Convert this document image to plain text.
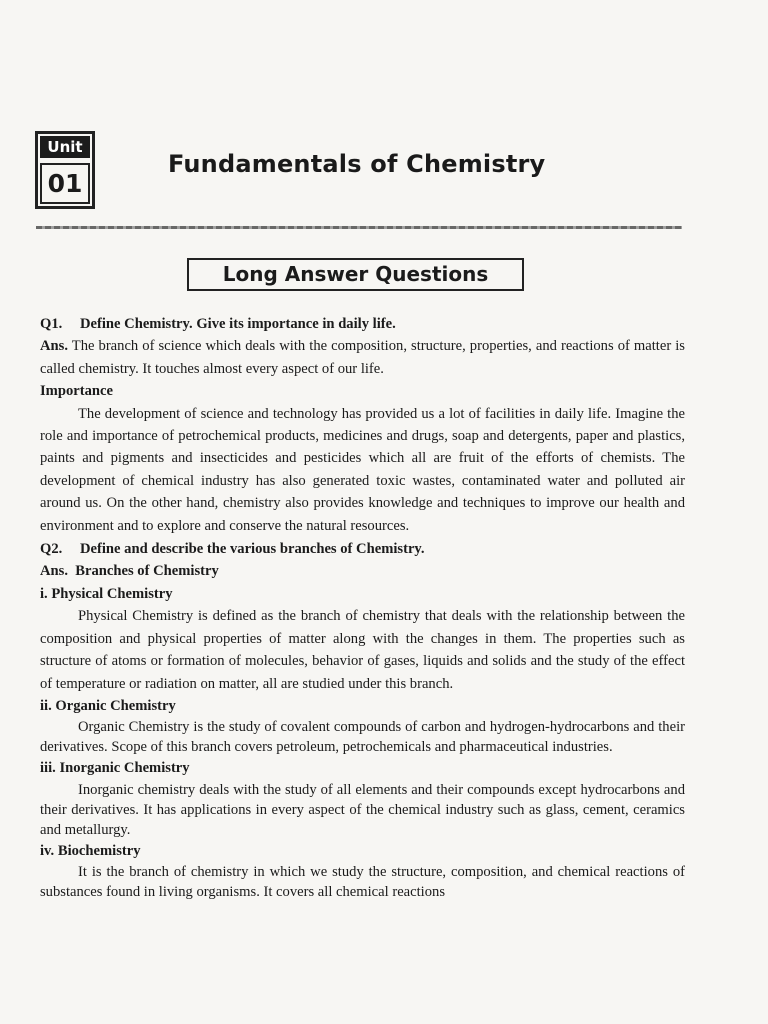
Unit
01
Fundamentals of Chemistry
Long Answer Questions

Q1. Define Chemistry. Give its importance in daily life.

Ans. The branch of science which deals with the composition, structure, properties, and reactions of matter is called chemistry. It touches almost every aspect of our life.

Importance

The development of science and technology has provided us a lot of facilities in daily life. Imagine the role and importance of petrochemical products, medicines and drugs, soap and detergents, paper and plastics, paints and pigments and insecticides and pesticides which all are fruit of the efforts of chemists. The development of chemical industry has also generated toxic wastes, contaminated water and polluted air around us. On the other hand, chemistry also provides knowledge and techniques to improve our health and environment and to explore and conserve the natural resources.

Q2. Define and describe the various branches of Chemistry.

Ans. Branches of Chemistry

i. Physical Chemistry

Physical Chemistry is defined as the branch of chemistry that deals with the relationship between the composition and physical properties of matter along with the changes in them. The properties such as structure of atoms or formation of molecules, behavior of gases, liquids and solids and the study of the effect of temperature or radiation on matter, all are studied under this branch.

ii. Organic Chemistry

Organic Chemistry is the study of covalent compounds of carbon and hydrogen-hydrocarbons and their derivatives. Scope of this branch covers petroleum, petrochemicals and pharmaceutical industries.

iii. Inorganic Chemistry

Inorganic chemistry deals with the study of all elements and their compounds except hydrocarbons and their derivatives. It has applications in every aspect of the chemical industry such as glass, cement, ceramics and metallurgy.

iv. Biochemistry

It is the branch of chemistry in which we study the structure, composition, and chemical reactions of substances found in living organisms. It covers all chemical reactions
